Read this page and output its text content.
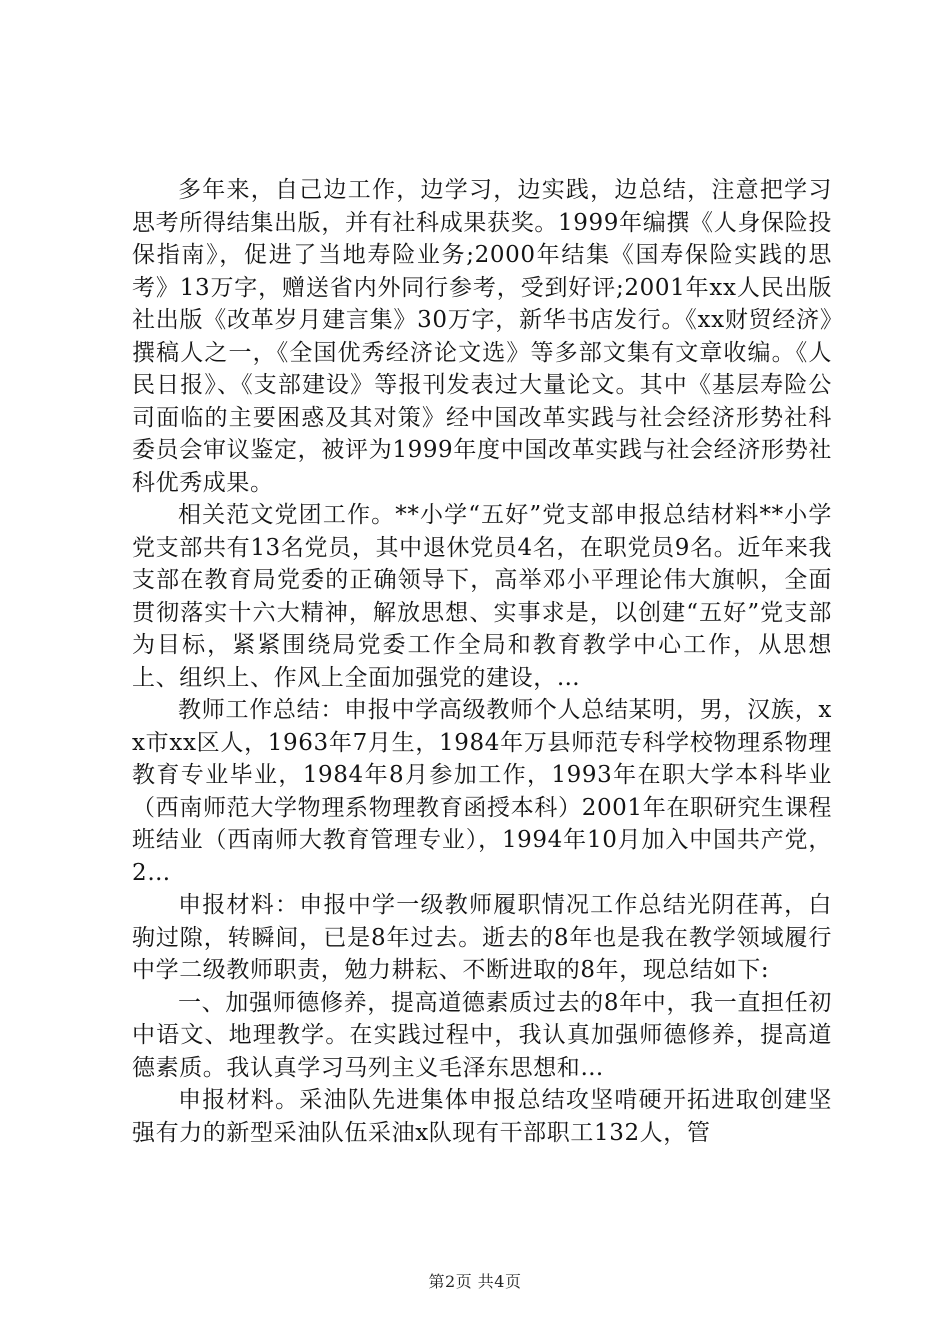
多年来，自己边工作，边学习，边实践，边总结，注意把学习思考所得结集出版，并有社科成果获奖。1999年编撰《人身保险投保指南》，促进了当地寿险业务;2000年结集《国寿保险实践的思考》13万字，赠送省内外同行参考，受到好评;2001年xx人民出版社出版《改革岁月建言集》30万字，新华书店发行。《xx财贸经济》撰稿人之一，《全国优秀经济论文选》等多部文集有文章收编。《人民日报》、《支部建设》等报刊发表过大量论文。其中《基层寿险公司面临的主要困惑及其对策》经中国改革实践与社会经济形势社科委员会审议鉴定，被评为1999年度中国改革实践与社会经济形势社科优秀成果。

相关范文党团工作。**小学“五好”党支部申报总结材料**小学党支部共有13名党员，其中退休党员4名，在职党员9名。近年来我支部在教育局党委的正确领导下，高举邓小平理论伟大旗帜，全面贯彻落实十六大精神，解放思想、实事求是，以创建“五好”党支部为目标，紧紧围绕局党委工作全局和教育教学中心工作，从思想上、组织上、作风上全面加强党的建设，…

教师工作总结：申报中学高级教师个人总结某明，男，汉族，xx市xx区人，1963年7月生，1984年万县师范专科学校物理系物理教育专业毕业，1984年8月参加工作，1993年在职大学本科毕业（西南师范大学物理系物理教育函授本科）2001年在职研究生课程班结业（西南师大教育管理专业），1994年10月加入中国共产党，2…

申报材料：申报中学一级教师履职情况工作总结光阴荏苒，白驹过隙，转瞬间，已是8年过去。逝去的8年也是我在教学领域履行中学二级教师职责，勉力耕耘、不断进取的8年，现总结如下:

一、加强师德修养，提高道德素质过去的8年中，我一直担任初中语文、地理教学。在实践过程中，我认真加强师德修养，提高道德素质。我认真学习马列主义毛泽东思想和…

申报材料。采油队先进集体申报总结攻坚啃硬开拓进取创建坚强有力的新型采油队伍采油x队现有干部职工132人，管

第2页 共4页
